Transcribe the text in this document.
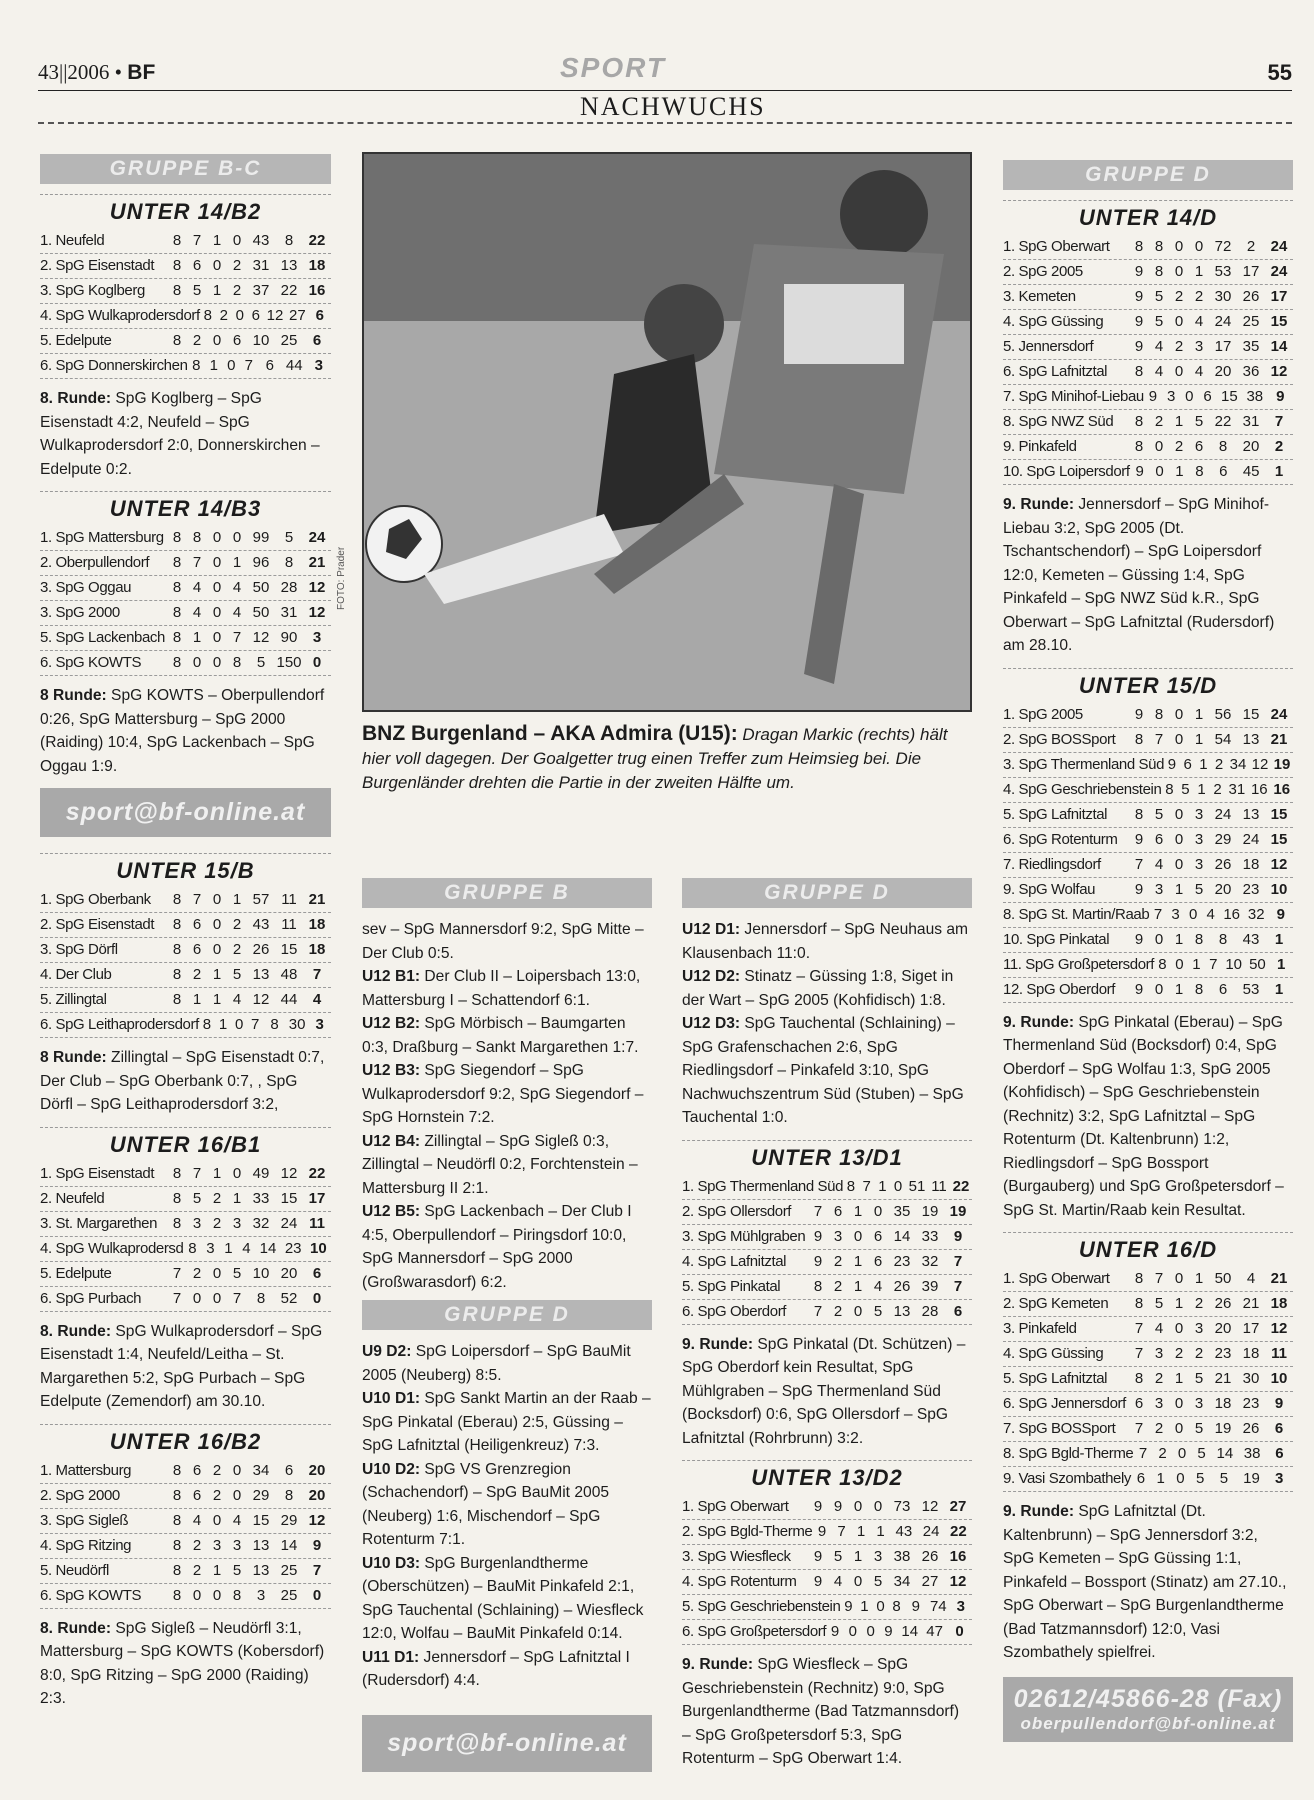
43||2006 • BF	SPORT	55
NACHWUCHS
GRUPPE B-C
UNTER 14/B2
1. Neufeld	8 7 1 0 43	8	22
2. SpG Eisenstadt	8 6 0 2 31 13 18
3. SpG Koglberg	8 5 1 2 37 22 16
4. SpG Wulkaprodersdorf 8 2 0 6 12 27 6
5. Edelpute	8 2 0 6 10 25	6
6. SpG Donnerskirchen 8 1 0 7 6 44 3
8. Runde: SpG Koglberg – SpG Eisenstadt 4:2, Neufeld – SpG Wulkaprodersdorf 2:0, Donnerskirchen – Edelpute 0:2.
UNTER 14/B3
1. SpG Mattersburg 8 8 0 0 99	5	24
2. Oberpullendorf	8 7 0 1 96	8	21
3. SpG Oggau	8 4 0 4 50 28 12
3. SpG 2000	8 4 0 4 50 31 12
5. SpG Lackenbach 8 1 0 7 12 90	3
6. SpG KOWTS	8 0 0 8	5 150 0
8 Runde: SpG KOWTS – Oberpullendorf 0:26, SpG Mattersburg – SpG 2000 (Raiding) 10:4, SpG Lackenbach – SpG Oggau 1:9.
sport@bf-online.at
UNTER 15/B
1. SpG Oberbank	8 7 0 1 57 11 21
2. SpG Eisenstadt	8 6 0 2 43 11 18
3. SpG Dörfl	8 6 0 2 26 15 18
4. Der Club	8 2 1 5 13 48	7
5. Zillingtal	8 1 1 4 12 44	4
6. SpG Leithaprodersdorf 8 1 0 7 8 30 3
8 Runde: Zillingtal – SpG Eisenstadt 0:7, Der Club – SpG Oberbank 0:7, , SpG Dörfl – SpG Leithaprodersdorf 3:2,
UNTER 16/B1
1. SpG Eisenstadt	8 7 1 0 49 12 22
2. Neufeld	8 5 2 1 33 15 17
3. St. Margarethen	8 3 2 3 32 24 11
4. SpG Wulkaprodersd 8 3 1 4 14 23 10
5. Edelpute	7 2 0 5 10 20	6
6. SpG Purbach	7 0 0 7	8	52	0
8. Runde: SpG Wulkaprodersdorf – SpG Eisenstadt 1:4, Neufeld/Leitha – St. Margarethen 5:2, SpG Purbach – SpG Edelpute (Zemendorf) am 30.10.
UNTER 16/B2
1. Mattersburg	8 6 2 0 34	6	20
2. SpG 2000	8 6 2 0 29	8	20
3. SpG Sigleß	8 4 0 4 15 29 12
4. SpG Ritzing	8 2 3 3 13 14	9
5. Neudörfl	8 2 1 5 13 25	7
6. SpG KOWTS	8 0 0 8	3	25	0
8. Runde: SpG Sigleß – Neudörfl 3:1, Mattersburg – SpG KOWTS (Kobersdorf) 8:0, SpG Ritzing – SpG 2000 (Raiding) 2:3.
FOTO: Prader
BNZ Burgenland – AKA Admira (U15): Dragan Markic (rechts) hält hier voll dagegen. Der Goalgetter trug einen Treffer zum Heimsieg bei. Die Burgenländer drehten die Partie in der zweiten Hälfte um.
GRUPPE B
sev – SpG Mannersdorf 9:2, SpG Mitte – Der Club 0:5.
U12 B1: Der Club II – Loipersbach 13:0, Mattersburg I – Schattendorf 6:1.
U12 B2: SpG Mörbisch – Baumgarten 0:3, Draßburg – Sankt Margarethen 1:7.
U12 B3: SpG Siegendorf – SpG Wulkaprodersdorf 9:2, SpG Siegendorf – SpG Hornstein 7:2.
U12 B4: Zillingtal – SpG Sigleß 0:3, Zillingtal – Neudörfl 0:2, Forchtenstein – Mattersburg II 2:1.
U12 B5: SpG Lackenbach – Der Club I 4:5, Oberpullendorf – Piringsdorf 10:0, SpG Mannersdorf – SpG 2000 (Großwarasdorf) 6:2.
GRUPPE D
U9 D2: SpG Loipersdorf – SpG BauMit 2005 (Neuberg) 8:5.
U10 D1: SpG Sankt Martin an der Raab – SpG Pinkatal (Eberau) 2:5, Güssing – SpG Lafnitztal (Heiligenkreuz) 7:3.
U10 D2: SpG VS Grenzregion (Schachendorf) – SpG BauMit 2005 (Neuberg) 1:6, Mischendorf – SpG Rotenturm 7:1.
U10 D3: SpG Burgenlandtherme (Oberschützen) – BauMit Pinkafeld 2:1, SpG Tauchental (Schlaining) – Wiesfleck 12:0, Wolfau – BauMit Pinkafeld 0:14.
U11 D1: Jennersdorf – SpG Lafnitztal I (Rudersdorf) 4:4.
sport@bf-online.at
GRUPPE D
U12 D1: Jennersdorf – SpG Neuhaus am Klausenbach 11:0.
U12 D2: Stinatz – Güssing 1:8, Siget in der Wart – SpG 2005 (Kohfidisch) 1:8.
U12 D3: SpG Tauchental (Schlaining) – SpG Grafenschachen 2:6, SpG Riedlingsdorf – Pinkafeld 3:10, SpG Nachwuchszentrum Süd (Stuben) – SpG Tauchental 1:0.
UNTER 13/D1
1. SpG Thermenland Süd 8 7 1 0 51 11 22
2. SpG Ollersdorf	7 6 1 0 35 19 19
3. SpG Mühlgraben 9 3 0 6 14 33	9
4. SpG Lafnitztal	9 2 1 6 23 32	7
5. SpG Pinkatal	8 2 1 4 26 39	7
6. SpG Oberdorf	7 2 0 5 13 28	6
9. Runde: SpG Pinkatal (Dt. Schützen) – SpG Oberdorf kein Resultat, SpG Mühlgraben – SpG Thermenland Süd (Bocksdorf) 0:6, SpG Ollersdorf – SpG Lafnitztal (Rohrbrunn) 3:2.
UNTER 13/D2
1. SpG Oberwart	9 9 0 0 73 12 27
2. SpG Bgld-Therme 9 7 1 1 43 24 22
3. SpG Wiesfleck	9 5 1 3 38 26 16
4. SpG Rotenturm	9 4 0 5 34 27 12
5. SpG Geschriebenstein 9 1 0 8 9 74 3
6. SpG Großpetersdorf 9 0 0 9 14 47 0
9. Runde: SpG Wiesfleck – SpG Geschriebenstein (Rechnitz) 9:0, SpG Burgenlandtherme (Bad Tatzmannsdorf) – SpG Großpetersdorf 5:3, SpG Rotenturm – SpG Oberwart 1:4.
GRUPPE D
UNTER 14/D
1. SpG Oberwart	8 8 0 0 72	2	24
2. SpG 2005	9 8 0 1 53 17 24
3. Kemeten	9 5 2 2 30 26 17
4. SpG Güssing	9 5 0 4 24 25 15
5. Jennersdorf	9 4 2 3 17 35 14
6. SpG Lafnitztal	8 4 0 4 20 36 12
7. SpG Minihof-Liebau 9 3 0 6 15 38 9
8. SpG NWZ Süd	8 2 1 5 22 31	7
9. Pinkafeld	8 0 2 6	8	20	2
10. SpG Loipersdorf 9 0 1 8	6	45	1
9. Runde: Jennersdorf – SpG Minihof-Liebau 3:2, SpG 2005 (Dt. Tschantschendorf) – SpG Loipersdorf 12:0, Kemeten – Güssing 1:4, SpG Pinkafeld – SpG NWZ Süd k.R., SpG Oberwart – SpG Lafnitztal (Rudersdorf) am 28.10.
UNTER 15/D
1. SpG 2005	9 8 0 1 56 15 24
2. SpG BOSSport	8 7 0 1 54 13 21
3. SpG Thermenland Süd 9 6 1 2 34 12 19
4. SpG Geschriebenstein 8 5 1 2 31 16 16
5. SpG Lafnitztal	8 5 0 3 24 13 15
6. SpG Rotenturm	9 6 0 3 29 24 15
7. Riedlingsdorf	7 4 0 3 26 18 12
9. SpG Wolfau	9 3 1 5 20 23 10
8. SpG St. Martin/Raab 7 3 0 4 16 32 9
10. SpG Pinkatal	9 0 1 8	8	43	1
11. SpG Großpetersdorf 8 0 1 7 10 50 1
12. SpG Oberdorf	9 0 1 8	6	53	1
9. Runde: SpG Pinkatal (Eberau) – SpG Thermenland Süd (Bocksdorf) 0:4, SpG Oberdorf – SpG Wolfau 1:3, SpG 2005 (Kohfidisch) – SpG Geschriebenstein (Rechnitz) 3:2, SpG Lafnitztal – SpG Rotenturm (Dt. Kaltenbrunn) 1:2, Riedlingsdorf – SpG Bossport (Burgauberg) und SpG Großpetersdorf – SpG St. Martin/Raab kein Resultat.
UNTER 16/D
1. SpG Oberwart	8 7 0 1 50	4	21
2. SpG Kemeten	8 5 1 2 26 21 18
3. Pinkafeld	7 4 0 3 20 17 12
4. SpG Güssing	7 3 2 2 23 18 11
5. SpG Lafnitztal	8 2 1 5 21 30 10
6. SpG Jennersdorf 6 3 0 3 18 23	9
7. SpG BOSSport	7 2 0 5 19 26	6
8. SpG Bgld-Therme 7 2 0 5 14 38 6
9. Vasi Szombathely 6 1 0 5	5	19	3
9. Runde: SpG Lafnitztal (Dt. Kaltenbrunn) – SpG Jennersdorf 3:2, SpG Kemeten – SpG Güssing 1:1, Pinkafeld – Bossport (Stinatz) am 27.10., SpG Oberwart – SpG Burgenlandtherme (Bad Tatzmannsdorf) 12:0, Vasi Szombathely spielfrei.
02612/45866-28 (Fax)
oberpullendorf@bf-online.at
